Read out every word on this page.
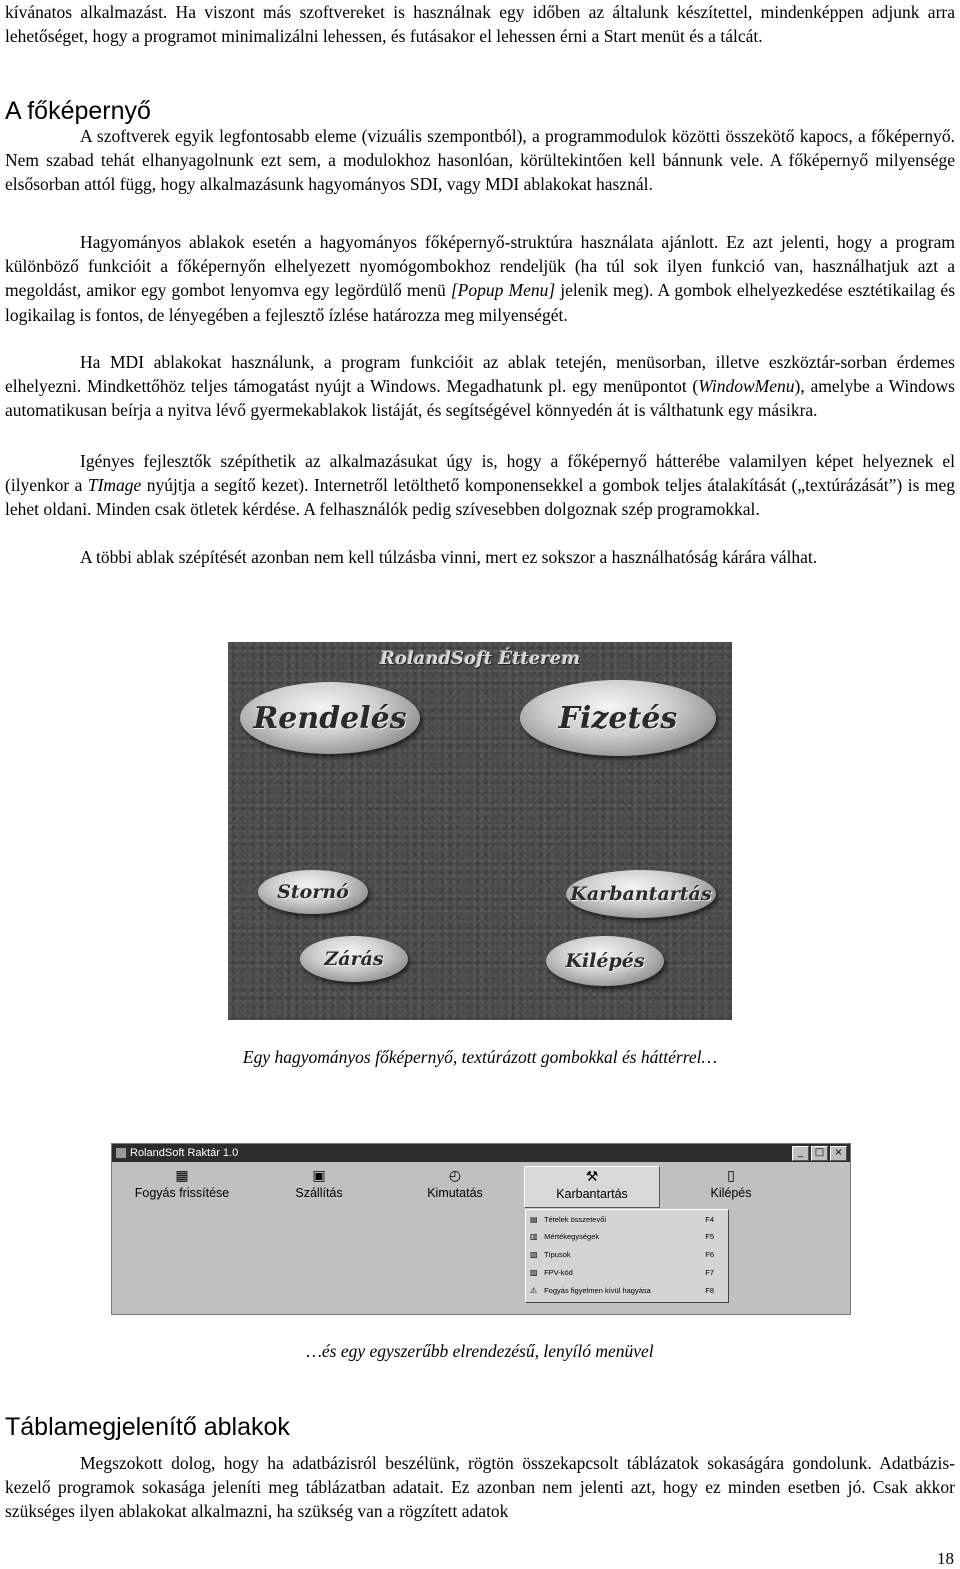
kívánatos alkalmazást. Ha viszont más szoftvereket is használnak egy időben az általunk készítettel, mindenképpen adjunk arra lehetőséget, hogy a programot minimalizálni lehessen, és futásakor el lehessen érni a Start menüt és a tálcát.

A főképernyő

A szoftverek egyik legfontosabb eleme (vizuális szempontból), a programmodulok közötti összekötő kapocs, a főképernyő. Nem szabad tehát elhanyagolnunk ezt sem, a modulokhoz hasonlóan, körültekintően kell bánnunk vele. A főképernyő milyensége elsősorban attól függ, hogy alkalmazásunk hagyományos SDI, vagy MDI ablakokat használ.

Hagyományos ablakok esetén a hagyományos főképernyő-struktúra használata ajánlott. Ez azt jelenti, hogy a program különböző funkcióit a főképernyőn elhelyezett nyomógombokhoz rendeljük (ha túl sok ilyen funkció van, használhatjuk azt a megoldást, amikor egy gombot lenyomva egy legördülő menü [Popup Menu] jelenik meg). A gombok elhelyezkedése esztétikailag és logikailag is fontos, de lényegében a fejlesztő ízlése határozza meg milyenségét.

Ha MDI ablakokat használunk, a program funkcióit az ablak tetején, menüsorban, illetve eszköztár-sorban érdemes elhelyezni. Mindkettőhöz teljes támogatást nyújt a Windows. Megadhatunk pl. egy menüpontot (WindowMenu), amelybe a Windows automatikusan beírja a nyitva lévő gyermekablakok listáját, és segítségével könnyedén át is válthatunk egy másikra.

Igényes fejlesztők szépíthetik az alkalmazásukat úgy is, hogy a főképernyő hátterébe valamilyen képet helyeznek el (ilyenkor a TImage nyújtja a segítő kezet). Internetről letölthető komponensekkel a gombok teljes átalakítását („textúrázását”) is meg lehet oldani. Minden csak ötletek kérdése. A felhasználók pedig szívesebben dolgoznak szép programokkal.

A többi ablak szépítését azonban nem kell túlzásba vinni, mert ez sokszor a használhatóság kárára válhat.

RolandSoft Étterem
Rendelés	Fizetés
Stornó	Karbantartás
Zárás	Kilépés
Egy hagyományos főképernyő, textúrázott gombokkal és háttérrel…
RolandSoft Raktár 1.0	_	□	×
▦
Fogyás frissítése
▣
Szállítás
◴
Kimutatás
⚒
Karbantartás
▯
Kilépés
▤ Tételek összetevői	F4
▥ Mértékegységek	F5
▧ Típusok	F6
▨ FPV-kód	F7
⚠ Fogyás figyelmen kívül hagyása	F8
…és egy egyszerűbb elrendezésű, lenyíló menüvel
Táblamegjelenítő ablakok

Megszokott dolog, hogy ha adatbázisról beszélünk, rögtön összekapcsolt táblázatok sokaságára gondolunk. Adatbázis-kezelő programok sokasága jeleníti meg táblázatban adatait. Ez azonban nem jelenti azt, hogy ez minden esetben jó. Csak akkor szükséges ilyen ablakokat alkalmazni, ha szükség van a rögzített adatok

18
